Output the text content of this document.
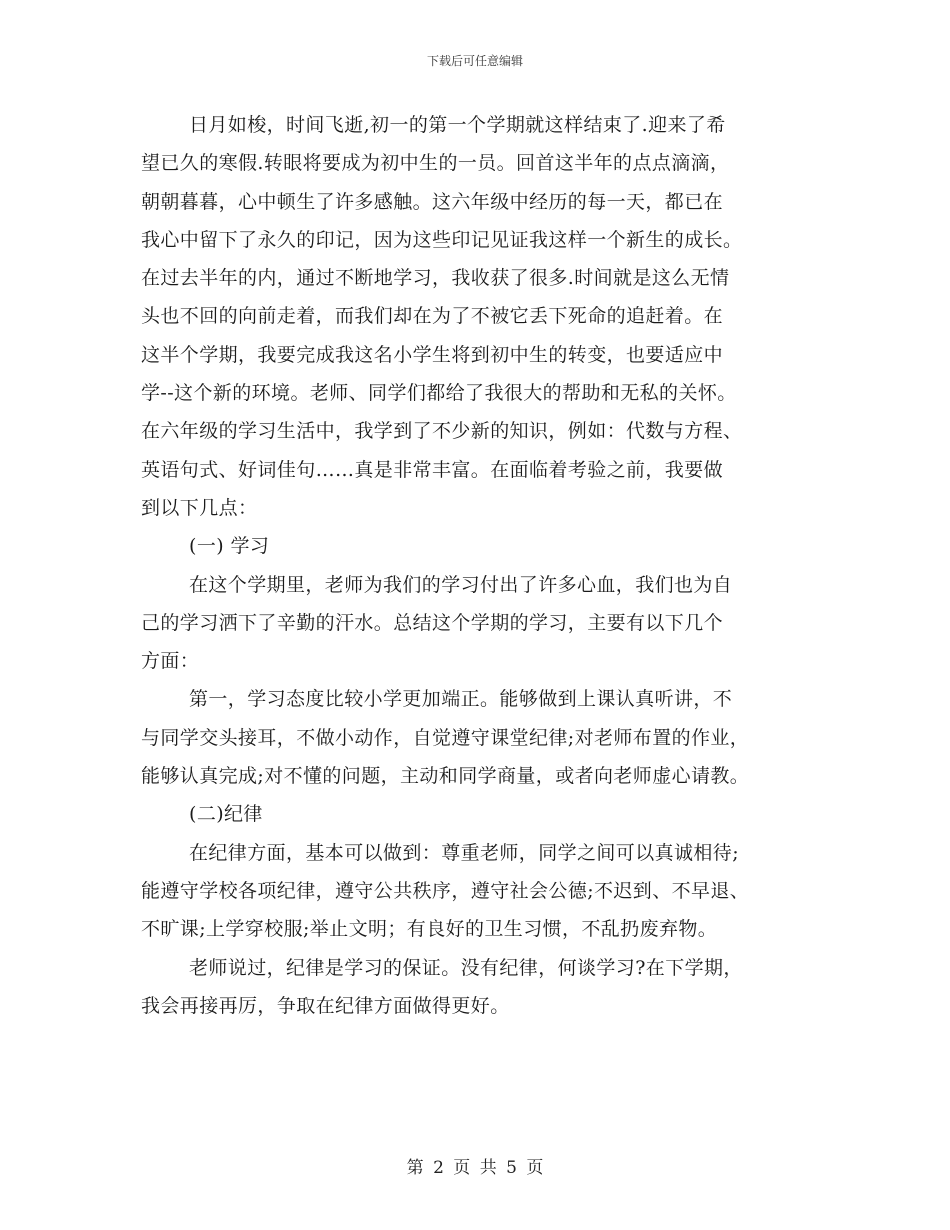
下载后可任意编辑
日月如梭，时间飞逝,初一的第一个学期就这样结束了.迎来了希
望已久的寒假.转眼将要成为初中生的一员。回首这半年的点点滴滴，
朝朝暮暮，心中顿生了许多感触。这六年级中经历的每一天，都已在
我心中留下了永久的印记，因为这些印记见证我这样一个新生的成长。
在过去半年的内，通过不断地学习，我收获了很多.时间就是这么无情
头也不回的向前走着，而我们却在为了不被它丢下死命的追赶着。在
这半个学期，我要完成我这名小学生将到初中生的转变，也要适应中
学--这个新的环境。老师、同学们都给了我很大的帮助和无私的关怀。
在六年级的学习生活中，我学到了不少新的知识，例如：代数与方程、
英语句式、好词佳句……真是非常丰富。在面临着考验之前，我要做
到以下几点：
(一) 学习
在这个学期里，老师为我们的学习付出了许多心血，我们也为自
己的学习洒下了辛勤的汗水。总结这个学期的学习，主要有以下几个
方面：
第一，学习态度比较小学更加端正。能够做到上课认真听讲，不
与同学交头接耳，不做小动作，自觉遵守课堂纪律;对老师布置的作业，
能够认真完成;对不懂的问题，主动和同学商量，或者向老师虚心请教。
(二)纪律
在纪律方面，基本可以做到：尊重老师，同学之间可以真诚相待;
能遵守学校各项纪律，遵守公共秩序，遵守社会公德;不迟到、不早退、
不旷课;上学穿校服;举止文明；有良好的卫生习惯，不乱扔废弃物。
老师说过，纪律是学习的保证。没有纪律，何谈学习?在下学期，
我会再接再厉，争取在纪律方面做得更好。
第 2 页 共 5 页
